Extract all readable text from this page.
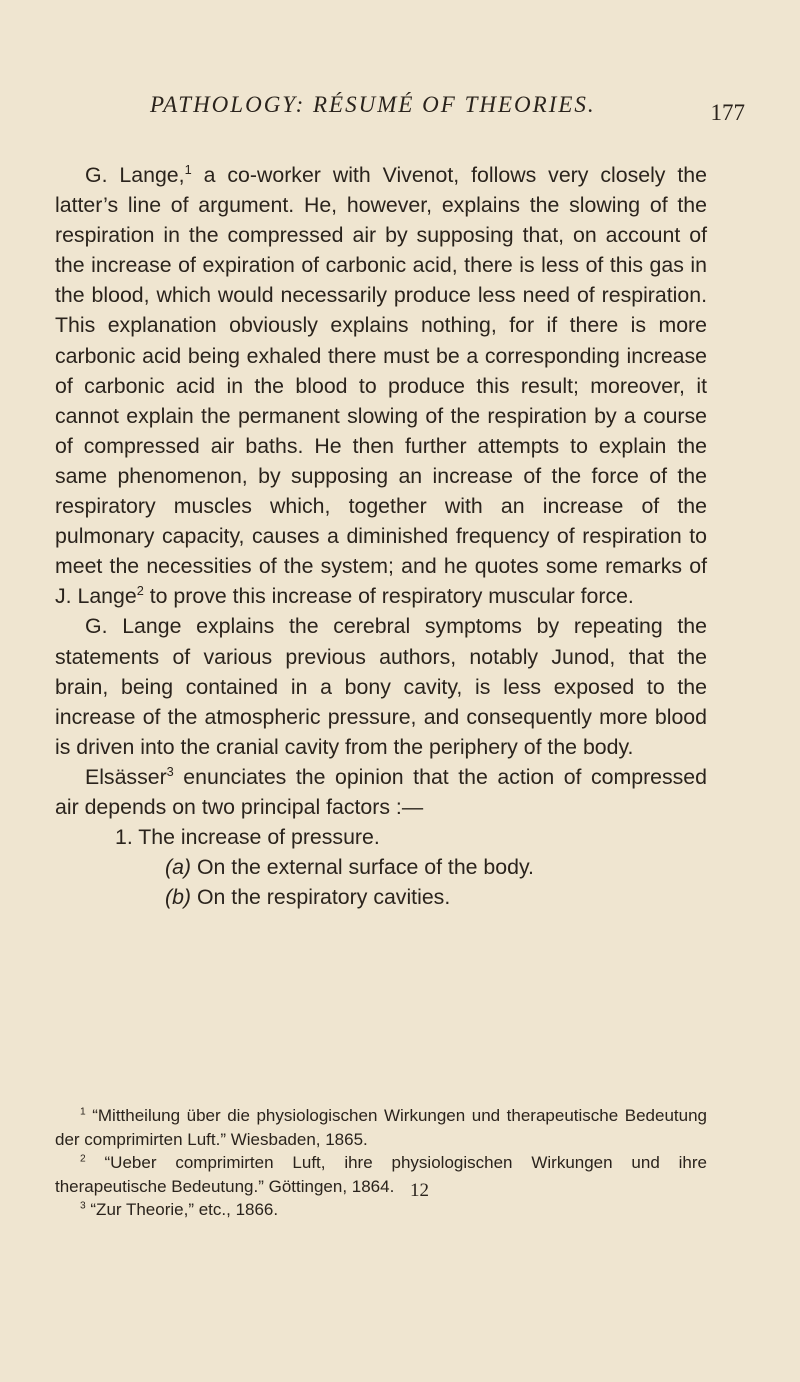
PATHOLOGY: RÉSUMÉ OF THEORIES.	177

G. Lange,$^1$ a co-worker with Vivenot, follows very closely the latter’s line of argument. He, however, explains the slowing of the respiration in the compressed air by supposing that, on account of the increase of expiration of carbonic acid, there is less of this gas in the blood, which would necessarily produce less need of respiration. This explanation obviously explains nothing, for if there is more carbonic acid being exhaled there must be a corresponding increase of carbonic acid in the blood to produce this result; moreover, it cannot explain the permanent slowing of the respiration by a course of compressed air baths. He then further attempts to explain the same phenomenon, by supposing an increase of the force of the respiratory muscles which, together with an increase of the pulmonary capacity, causes a diminished frequency of respiration to meet the necessities of the system; and he quotes some remarks of J. Lange$^2$ to prove this increase of respiratory muscular force.

G. Lange explains the cerebral symptoms by repeating the statements of various previous authors, notably Junod, that the brain, being contained in a bony cavity, is less exposed to the increase of the atmospheric pressure, and consequently more blood is driven into the cranial cavity from the periphery of the body.

Elsässer$^3$ enunciates the opinion that the action of compressed air depends on two principal factors :—

1. The increase of pressure.

(a) On the external surface of the body.

(b) On the respiratory cavities.

$^1$ “Mittheilung über die physiologischen Wirkungen und therapeutische Bedeutung der comprimirten Luft.” Wiesbaden, 1865.

$^2$ “Ueber comprimirten Luft, ihre physiologischen Wirkungen und ihre therapeutische Bedeutung.” Göttingen, 1864.

$^3$ “Zur Theorie,” etc., 1866.

12
